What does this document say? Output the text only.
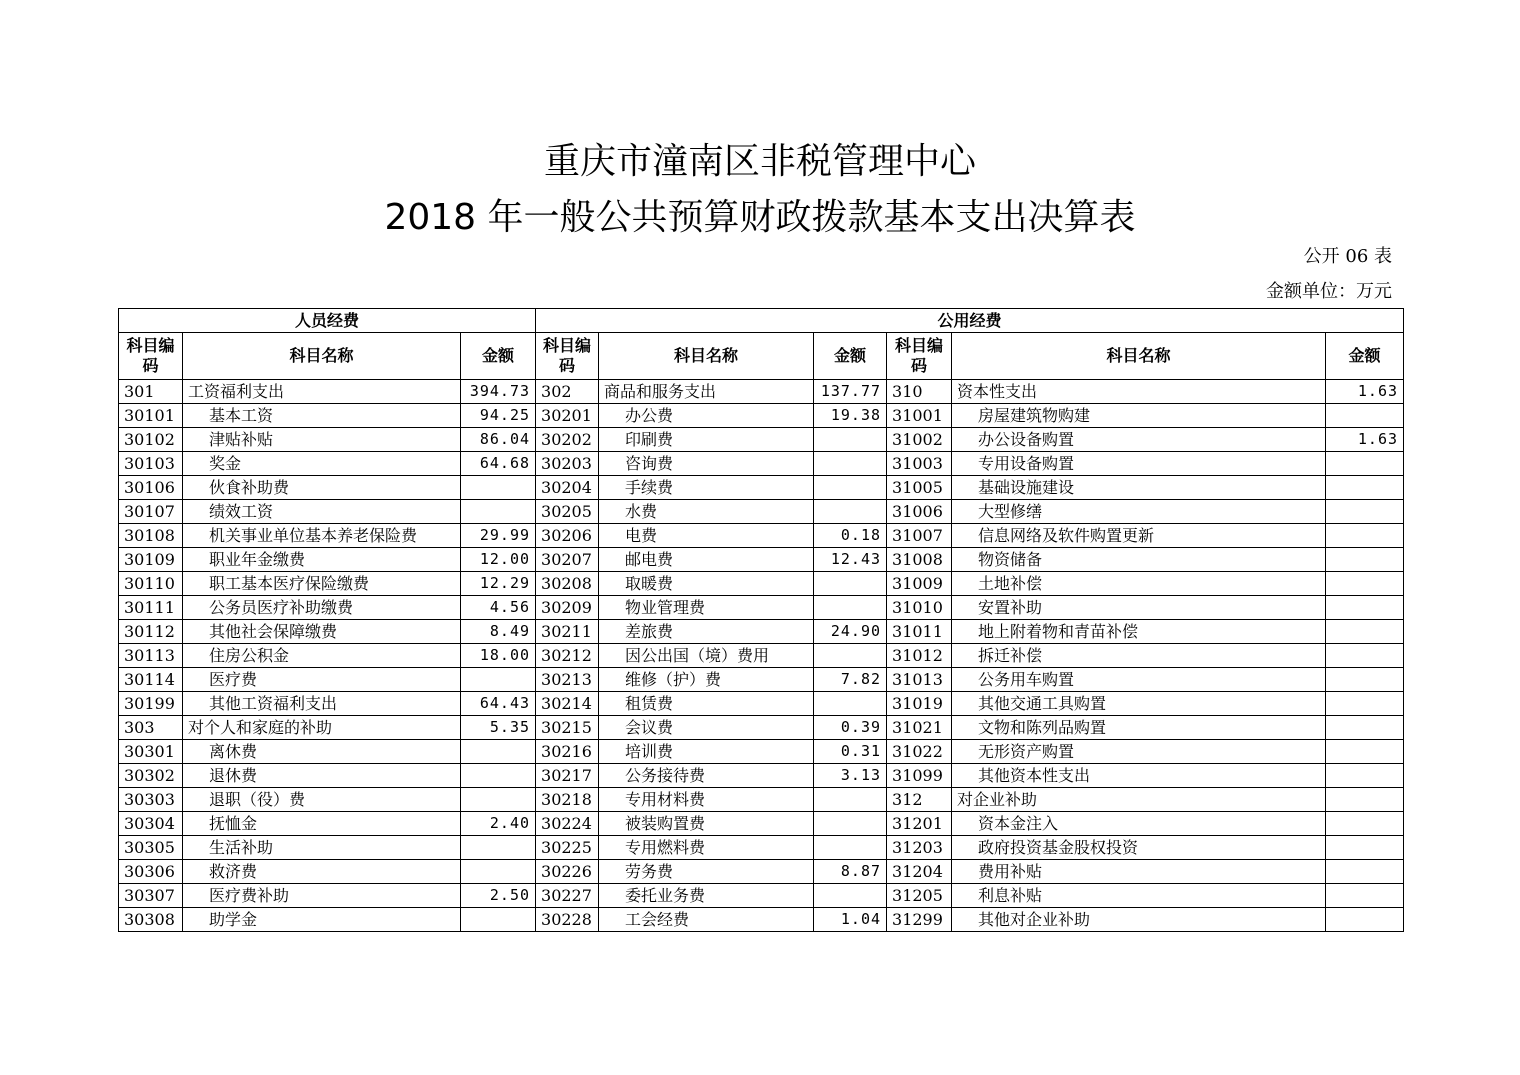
重庆市潼南区非税管理中心
2018 年一般公共预算财政拨款基本支出决算表
公开 06 表
金额单位：万元
人员经费			公用经费					
科目编码	科目名称	金额	科目编码	科目名称	金额	科目编码	科目名称	金额
301	工资福利支出	394.73	302	商品和服务支出	137.77	310	资本性支出	1.63
30101	基本工资	94.25	30201	办公费	19.38	31001	房屋建筑物购建	
30102	津贴补贴	86.04	30202	印刷费		31002	办公设备购置	1.63
30103	奖金	64.68	30203	咨询费		31003	专用设备购置	
30106	伙食补助费		30204	手续费		31005	基础设施建设	
30107	绩效工资		30205	水费		31006	大型修缮	
30108	机关事业单位基本养老保险费	29.99	30206	电费	0.18	31007	信息网络及软件购置更新	
30109	职业年金缴费	12.00	30207	邮电费	12.43	31008	物资储备	
30110	职工基本医疗保险缴费	12.29	30208	取暖费		31009	土地补偿	
30111	公务员医疗补助缴费	4.56	30209	物业管理费		31010	安置补助	
30112	其他社会保障缴费	8.49	30211	差旅费	24.90	31011	地上附着物和青苗补偿	
30113	住房公积金	18.00	30212	因公出国（境）费用		31012	拆迁补偿	
30114	医疗费		30213	维修（护）费	7.82	31013	公务用车购置	
30199	其他工资福利支出	64.43	30214	租赁费		31019	其他交通工具购置	
303	对个人和家庭的补助	5.35	30215	会议费	0.39	31021	文物和陈列品购置	
30301	离休费		30216	培训费	0.31	31022	无形资产购置	
30302	退休费		30217	公务接待费	3.13	31099	其他资本性支出	
30303	退职（役）费		30218	专用材料费		312	对企业补助	
30304	抚恤金	2.40	30224	被装购置费		31201	资本金注入	
30305	生活补助		30225	专用燃料费		31203	政府投资基金股权投资	
30306	救济费		30226	劳务费	8.87	31204	费用补贴	
30307	医疗费补助	2.50	30227	委托业务费		31205	利息补贴	
30308	助学金		30228	工会经费	1.04	31299	其他对企业补助	
